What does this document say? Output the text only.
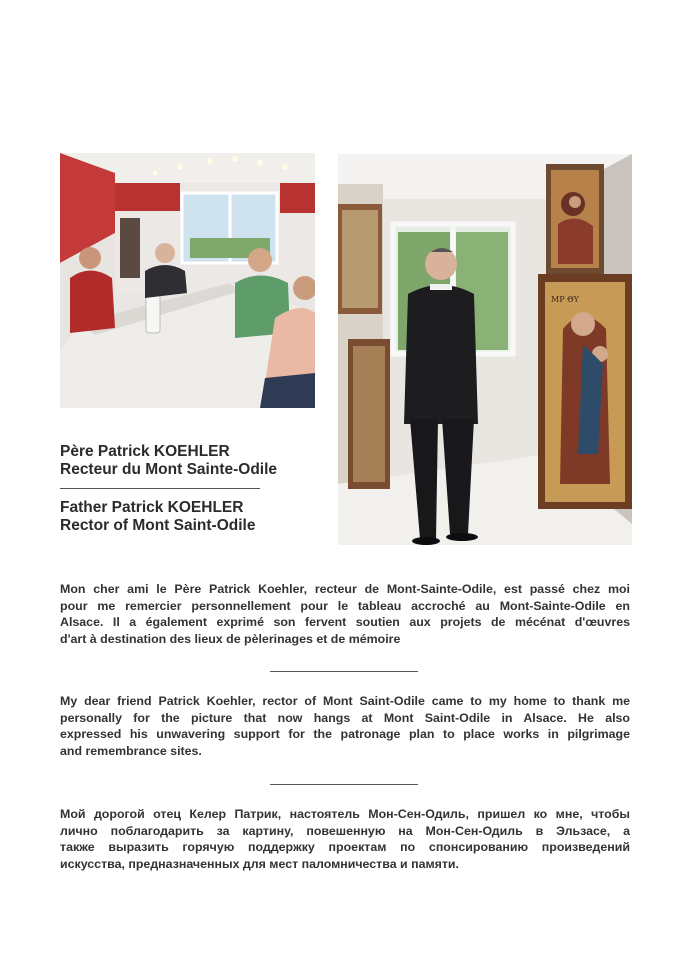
ΜΡ ΘΥ
Père Patrick KOEHLER
Recteur du Mont Sainte-Odile
Father Patrick KOEHLER
Rector of Mont Saint-Odile
Mon cher ami le Père Patrick Koehler, recteur de Mont-Sainte-Odile, est passé chez moi
pour me remercier personnellement pour le tableau accroché au Mont-Sainte-Odile en
Alsace. Il a également exprimé son fervent soutien aux projets de mécénat d'œuvres
d'art à destination des lieux de pèlerinages et de mémoire
My dear friend Patrick Koehler, rector of Mont Saint-Odile came to my home to thank me
personally for the picture that now hangs at Mont Saint-Odile in Alsace. He also
expressed his unwavering support for the patronage plan to place works in pilgrimage
and remembrance sites.
Мой дорогой отец Келер Патрик, настоятель Мон-Сен-Одиль, пришел ко мне, чтобы
лично поблагодарить за картину, повешенную на Мон-Сен-Одиль в Эльзасе, а
также выразить горячую поддержку проектам по спонсированию произведений
искусства, предназначенных для мест паломничества и памяти.
